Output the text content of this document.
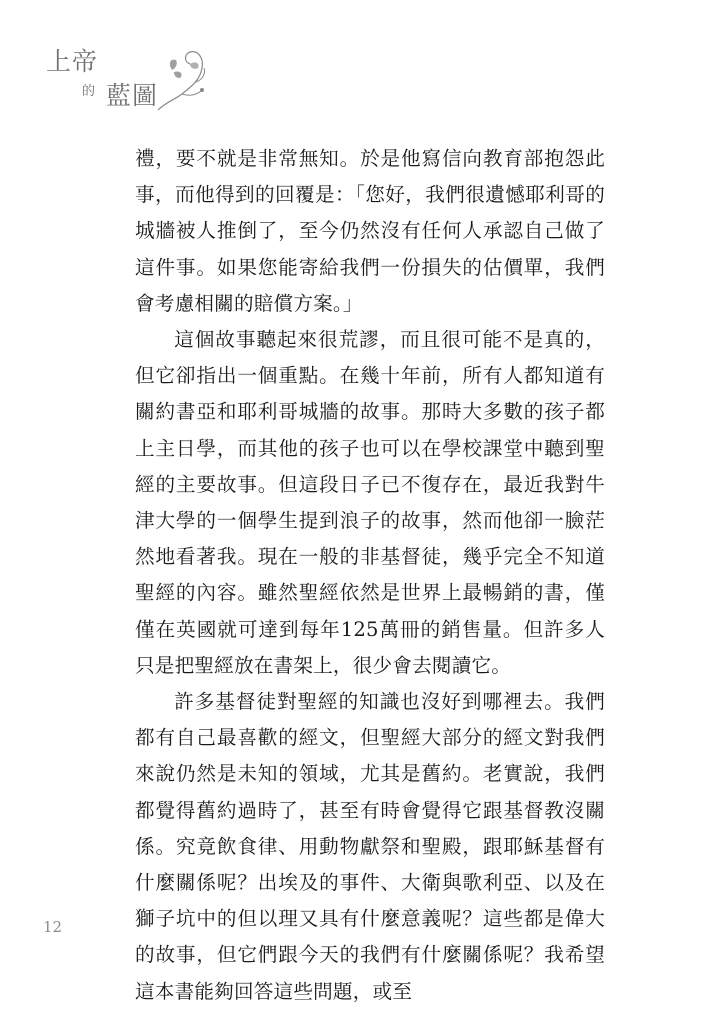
上帝
的 藍圖

禮，要不就是非常無知。於是他寫信向教育部抱怨此事，而他得到的回覆是：「您好，我們很遺憾耶利哥的城牆被人推倒了，至今仍然沒有任何人承認自己做了這件事。如果您能寄給我們一份損失的估價單，我們會考慮相關的賠償方案。」

這個故事聽起來很荒謬，而且很可能不是真的，但它卻指出一個重點。在幾十年前，所有人都知道有關約書亞和耶利哥城牆的故事。那時大多數的孩子都上主日學，而其他的孩子也可以在學校課堂中聽到聖經的主要故事。但這段日子已不復存在，最近我對牛津大學的一個學生提到浪子的故事，然而他卻一臉茫然地看著我。現在一般的非基督徒，幾乎完全不知道聖經的內容。雖然聖經依然是世界上最暢銷的書，僅僅在英國就可達到每年125萬冊的銷售量。但許多人只是把聖經放在書架上，很少會去閱讀它。

許多基督徒對聖經的知識也沒好到哪裡去。我們都有自己最喜歡的經文，但聖經大部分的經文對我們來說仍然是未知的領域，尤其是舊約。老實說，我們都覺得舊約過時了，甚至有時會覺得它跟基督教沒關係。究竟飲食律、用動物獻祭和聖殿，跟耶穌基督有什麼關係呢？出埃及的事件、大衛與歌利亞、以及在獅子坑中的但以理又具有什麼意義呢？這些都是偉大的故事，但它們跟今天的我們有什麼關係呢？我希望這本書能夠回答這些問題，或至

12
